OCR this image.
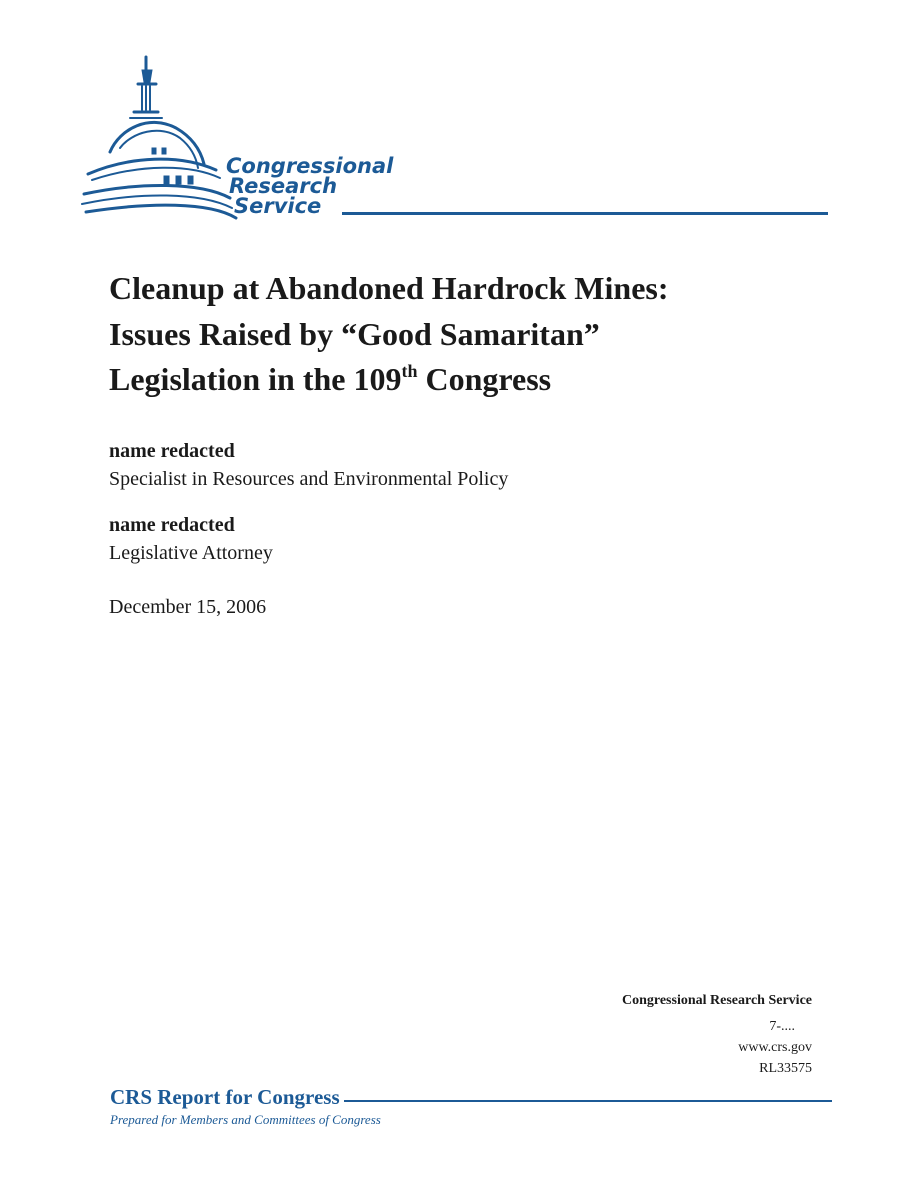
Congressional
Research
Service
Cleanup at Abandoned Hardrock Mines:
Issues Raised by “Good Samaritan”
Legislation in the 109th Congress
name redacted
Specialist in Resources and Environmental Policy
name redacted
Legislative Attorney
December 15, 2006
Congressional Research Service
7-....
www.crs.gov
RL33575
CRS Report for Congress
Prepared for Members and Committees of Congress
